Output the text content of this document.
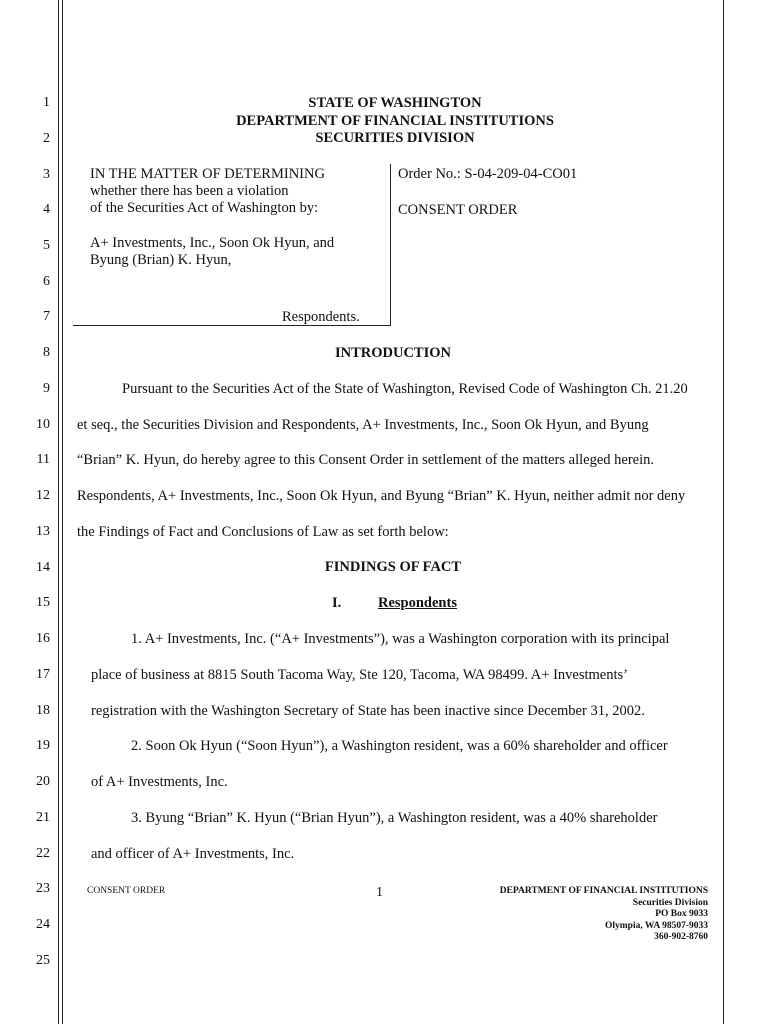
1
2
3
4
5
6
7
8
9
10
11
12
13
14
15
16
17
18
19
20
21
22
23
24
25
STATE OF WASHINGTON
DEPARTMENT OF FINANCIAL INSTITUTIONS
SECURITIES DIVISION
IN THE MATTER OF DETERMINING
whether there has been a violation
of the Securities Act of Washington by:
A+ Investments, Inc., Soon Ok Hyun, and
Byung (Brian) K. Hyun,
Respondents.
Order No.: S-04-209-04-CO01
CONSENT ORDER
INTRODUCTION
Pursuant to the Securities Act of the State of Washington, Revised Code of Washington Ch. 21.20
et seq., the Securities Division and Respondents, A+ Investments, Inc., Soon Ok Hyun, and Byung
“Brian” K. Hyun, do hereby agree to this Consent Order in settlement of the matters alleged herein.
Respondents, A+ Investments, Inc., Soon Ok Hyun, and Byung “Brian” K. Hyun, neither admit nor deny
the Findings of Fact and Conclusions of Law as set forth below:
FINDINGS OF FACT
I.	Respondents
1. A+ Investments, Inc. (“A+ Investments”), was a Washington corporation with its principal
place of business at 8815 South Tacoma Way, Ste 120, Tacoma, WA 98499. A+ Investments’
registration with the Washington Secretary of State has been inactive since December 31, 2002.
2. Soon Ok Hyun (“Soon Hyun”), a Washington resident, was a 60% shareholder and officer
of A+ Investments, Inc.
3. Byung “Brian” K. Hyun (“Brian Hyun”), a Washington resident, was a 40% shareholder
and officer of A+ Investments, Inc.
CONSENT ORDER	1	DEPARTMENT OF FINANCIAL INSTITUTIONS
Securities Division
PO Box 9033
Olympia, WA 98507-9033
360-902-8760
